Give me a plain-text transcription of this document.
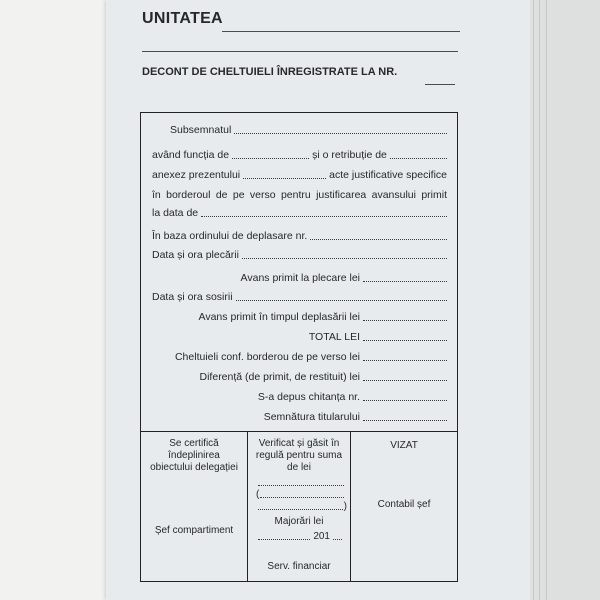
UNITATEA
DECONT DE CHELTUIELI ÎNREGISTRATE LA NR.
Subsemnatul
având funcția de	și o retribuție de
anexez prezentului	acte justificative specifice
în borderoul de pe verso pentru justificarea avansului primit
la data de
În baza ordinului de deplasare nr.
Data și ora plecării
Avans primit la plecare lei
Data și ora sosirii
Avans primit în timpul deplasării lei
TOTAL LEI
Cheltuieli conf. borderou de pe verso lei
Diferență (de primit, de restituit) lei
S-a depus chitanța nr.
Semnătura titularului
Se certifică
îndeplinirea
obiectului delegației
Șef compartiment
Verificat și găsit în
regulă pentru suma
de lei
(
)
Majorări lei
201
Serv. financiar
VIZAT
Contabil șef
